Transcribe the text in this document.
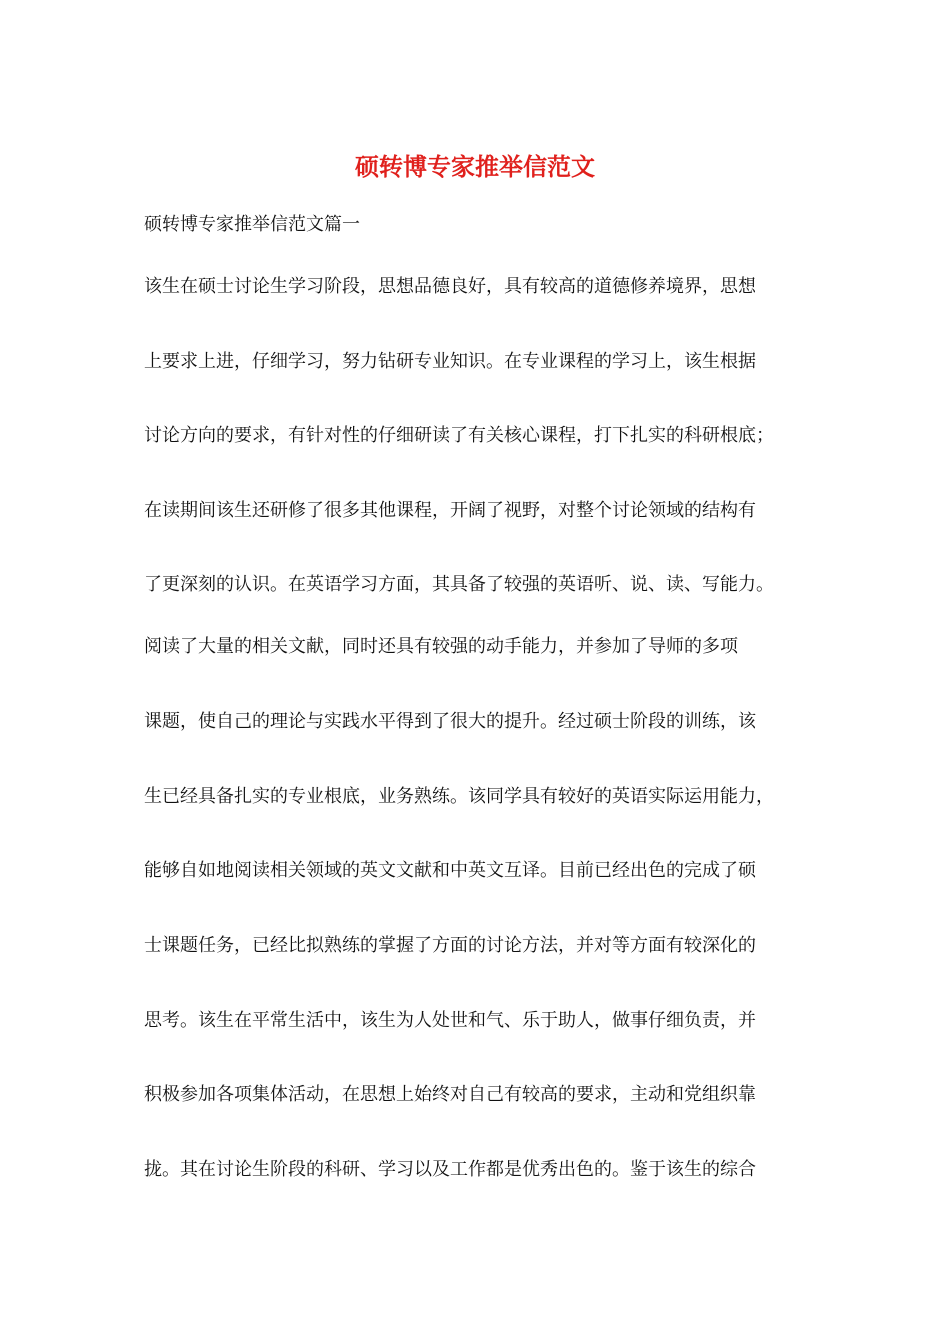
硕转博专家推举信范文

硕转博专家推举信范文篇一

该生在硕士讨论生学习阶段，思想品德良好，具有较高的道德修养境界，思想

上要求上进，仔细学习，努力钻研专业知识。在专业课程的学习上，该生根据

讨论方向的要求，有针对性的仔细研读了有关核心课程，打下扎实的科研根底；

在读期间该生还研修了很多其他课程，开阔了视野，对整个讨论领域的结构有

了更深刻的认识。在英语学习方面，其具备了较强的英语听、说、读、写能力。

阅读了大量的相关文献，同时还具有较强的动手能力，并参加了导师的多项

课题，使自己的理论与实践水平得到了很大的提升。经过硕士阶段的训练，该

生已经具备扎实的专业根底，业务熟练。该同学具有较好的英语实际运用能力，

能够自如地阅读相关领域的英文文献和中英文互译。目前已经出色的完成了硕

士课题任务，已经比拟熟练的掌握了方面的讨论方法，并对等方面有较深化的

思考。该生在平常生活中，该生为人处世和气、乐于助人，做事仔细负责，并

积极参加各项集体活动，在思想上始终对自己有较高的要求，主动和党组织靠

拢。其在讨论生阶段的科研、学习以及工作都是优秀出色的。鉴于该生的综合
